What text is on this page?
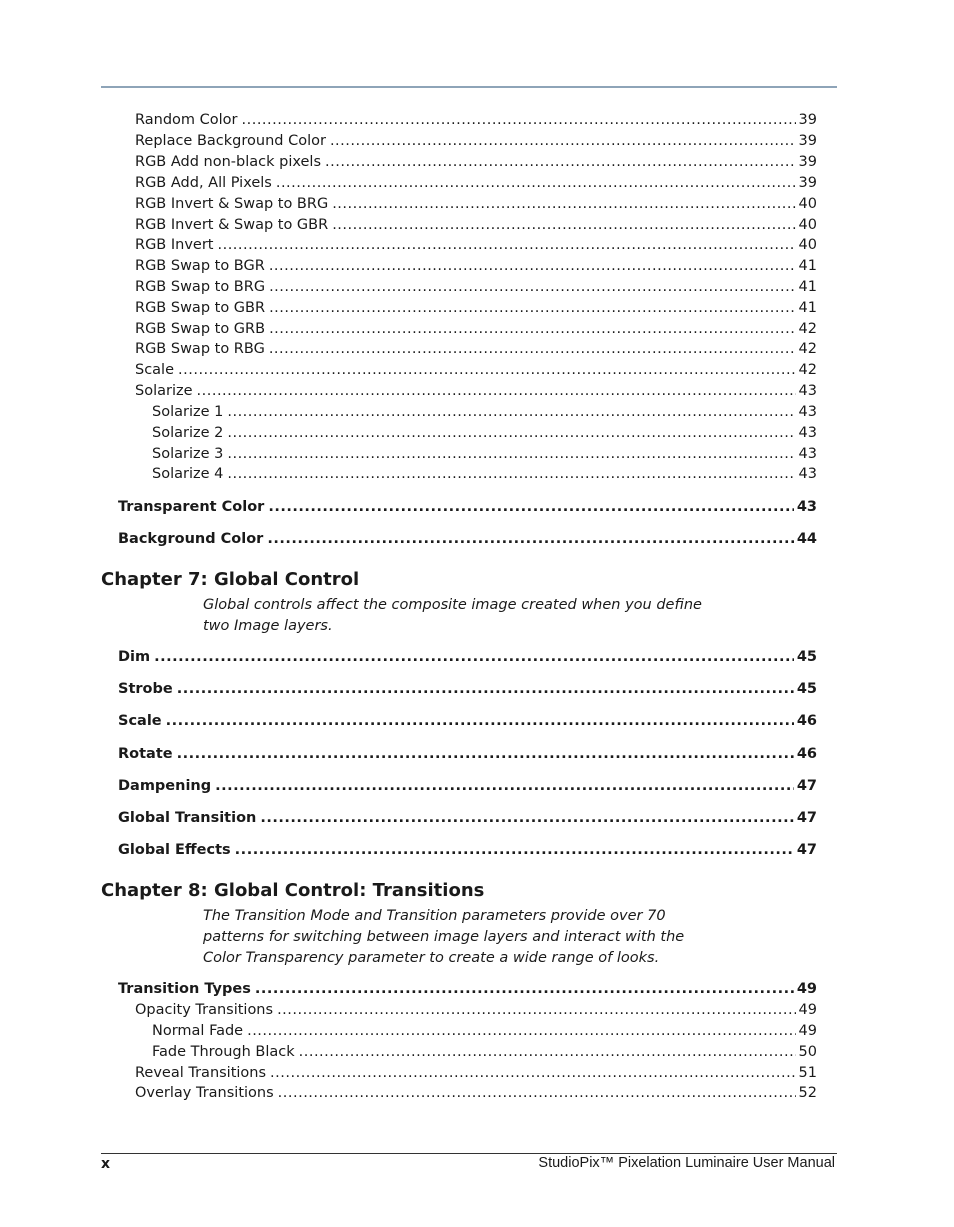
Random Color .....	39
Replace Background Color .....	39
RGB Add non-black pixels .....	39
RGB Add, All Pixels .....	39
RGB Invert & Swap to BRG .....	40
RGB Invert & Swap to GBR .....	40
RGB Invert .....	40
RGB Swap to BGR .....	41
RGB Swap to BRG .....	41
RGB Swap to GBR .....	41
RGB Swap to GRB .....	42
RGB Swap to RBG .....	42
Scale .....	42
Solarize .....	43
Solarize 1 .....	43
Solarize 2 .....	43
Solarize 3 .....	43
Solarize 4 .....	43
Transparent Color .....	43
Background Color .....	44
Chapter 7: Global Control
Global controls affect the composite image created when you define
two Image layers.
Dim .....	45
Strobe .....	45
Scale .....	46
Rotate .....	46
Dampening .....	47
Global Transition .....	47
Global Effects .....	47
Chapter 8: Global Control: Transitions
The Transition Mode and Transition parameters provide over 70
patterns for switching between image layers and interact with the
Color Transparency parameter to create a wide range of looks.
Transition Types .....	49
Opacity Transitions .....	49
Normal Fade .....	49
Fade Through Black .....	50
Reveal Transitions .....	51
Overlay Transitions .....	52
x	StudioPix™ Pixelation Luminaire User Manual
